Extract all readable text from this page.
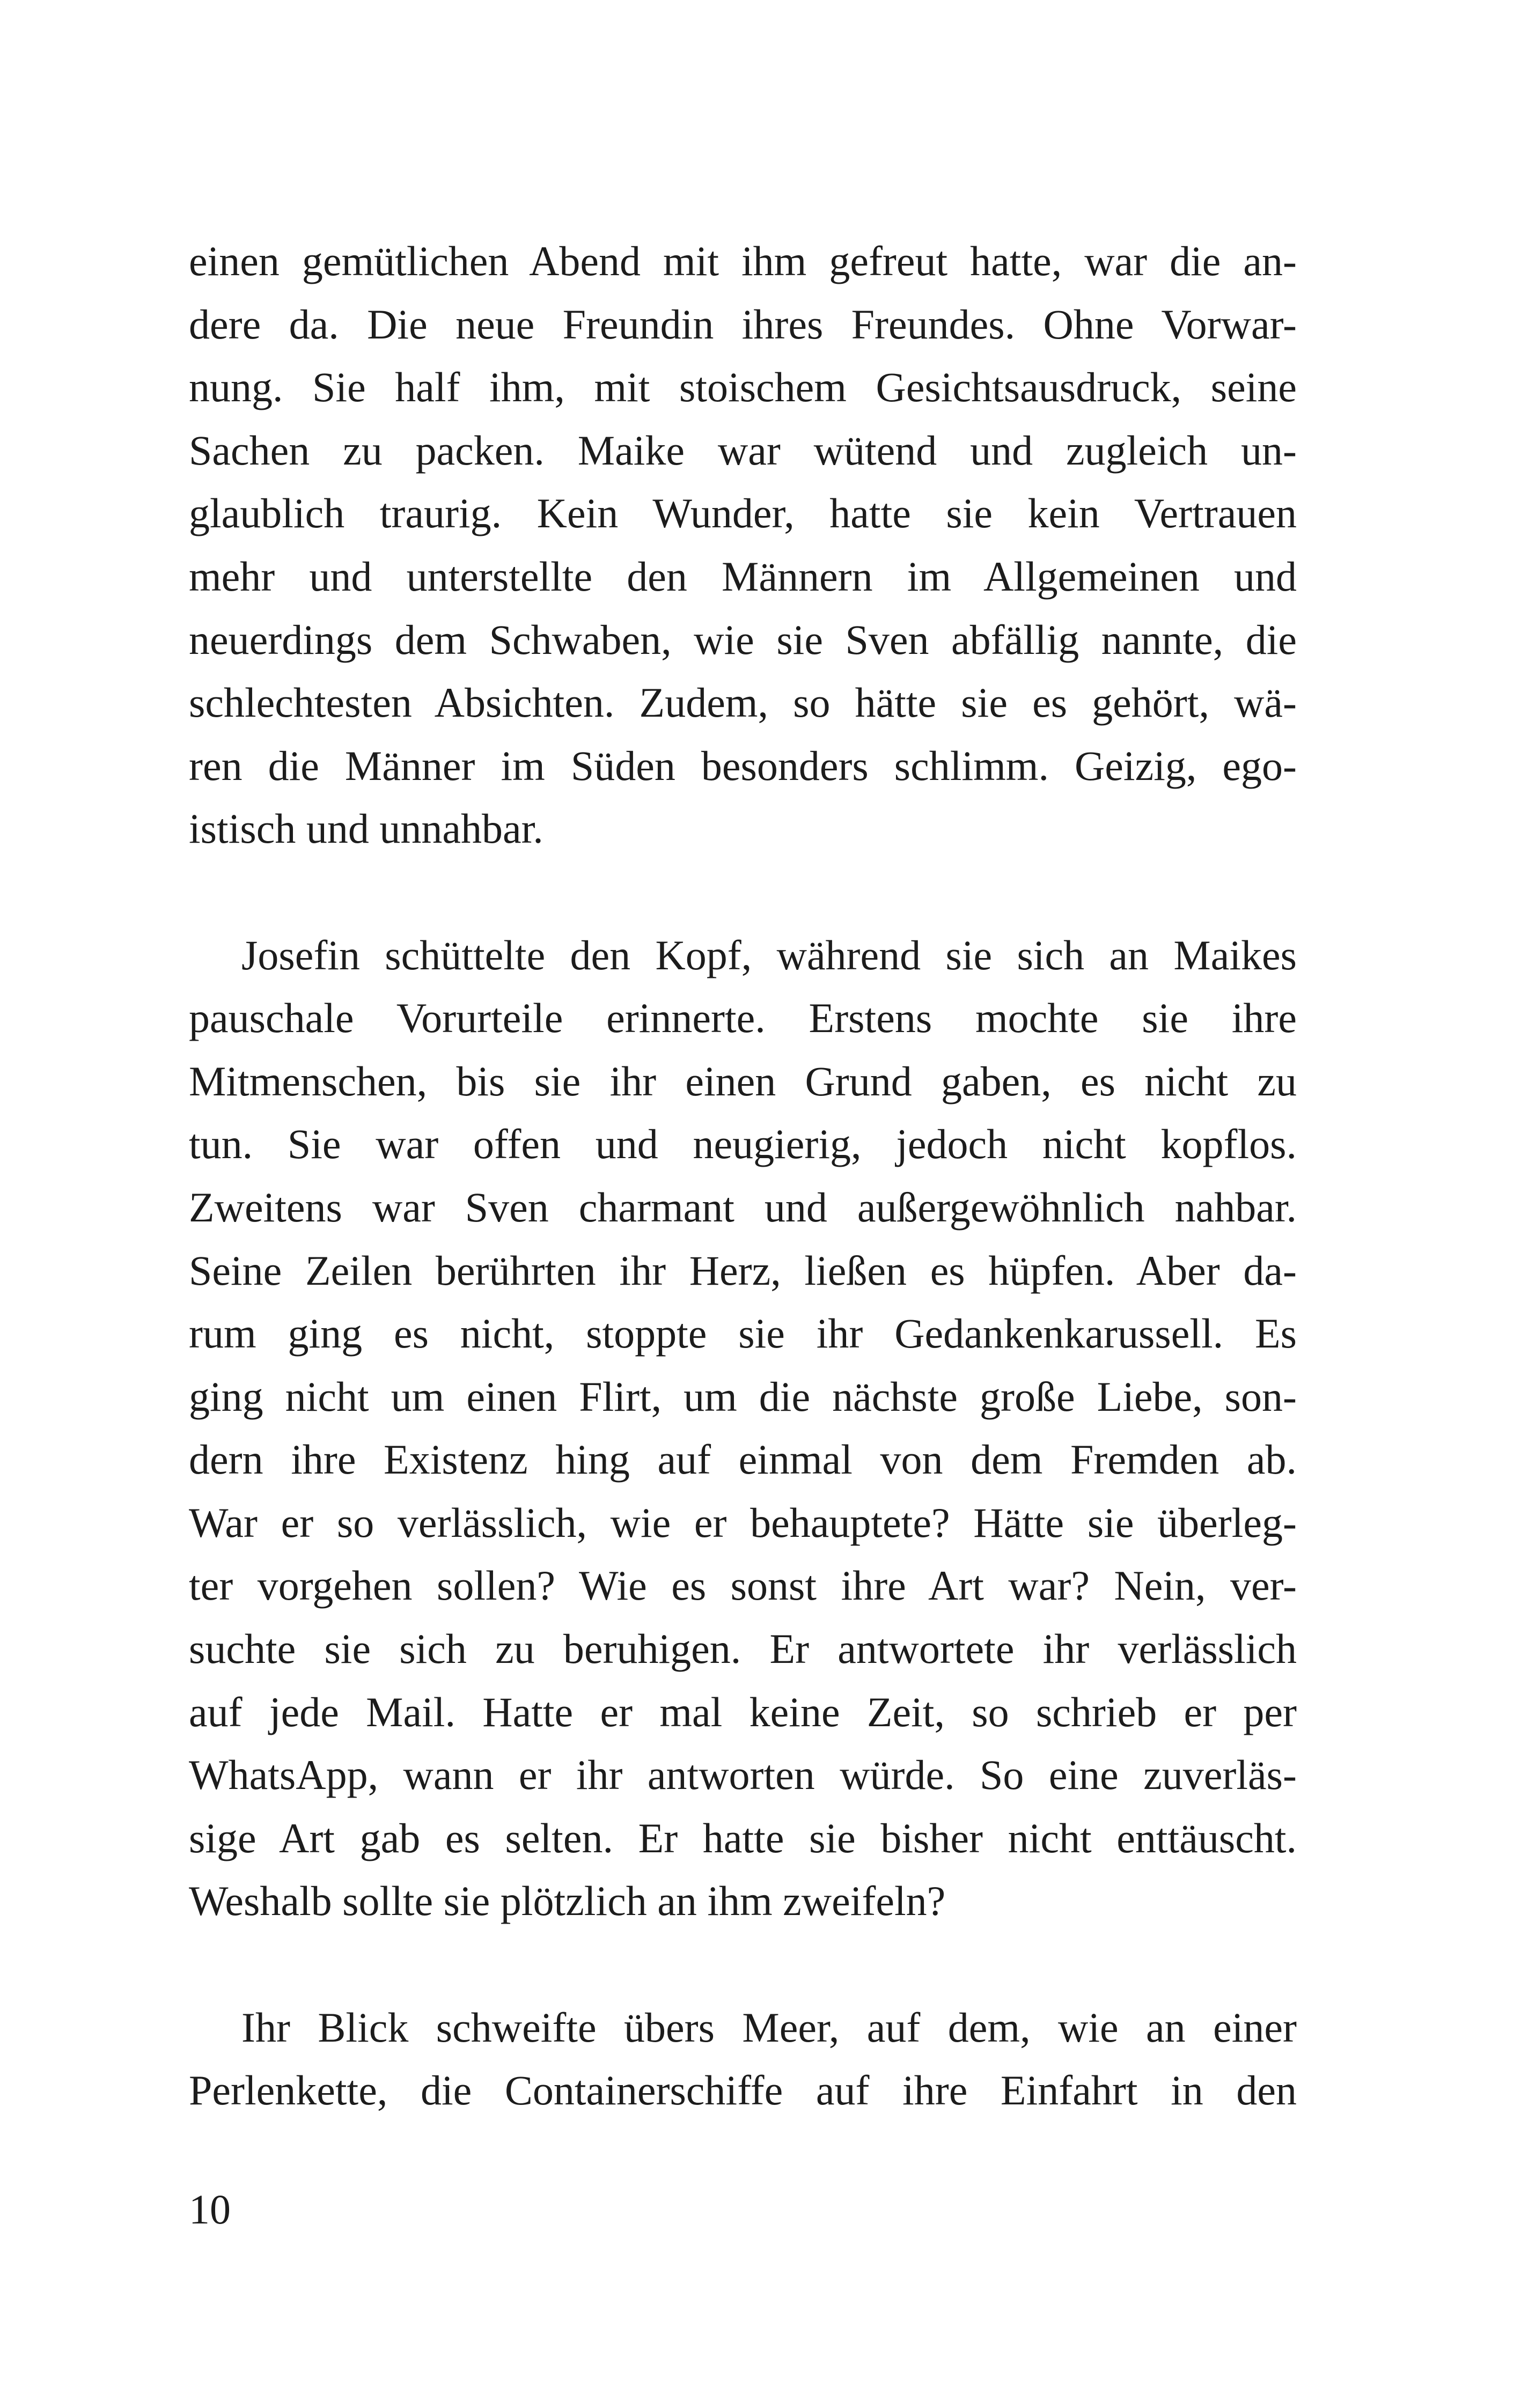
einen gemütlichen Abend mit ihm gefreut hatte, war die an-
dere da. Die neue Freundin ihres Freundes. Ohne Vorwar-
nung. Sie half ihm, mit stoischem Gesichtsausdruck, seine
Sachen zu packen. Maike war wütend und zugleich un-
glaublich traurig. Kein Wunder, hatte sie kein Vertrauen
mehr und unterstellte den Männern im Allgemeinen und
neuerdings dem Schwaben, wie sie Sven abfällig nannte, die
schlechtesten Absichten. Zudem, so hätte sie es gehört, wä-
ren die Männer im Süden besonders schlimm. Geizig, ego-
istisch und unnahbar.
Josefin schüttelte den Kopf, während sie sich an Maikes
pauschale Vorurteile erinnerte. Erstens mochte sie ihre
Mitmenschen, bis sie ihr einen Grund gaben, es nicht zu
tun. Sie war offen und neugierig, jedoch nicht kopflos.
Zweitens war Sven charmant und außergewöhnlich nahbar.
Seine Zeilen berührten ihr Herz, ließen es hüpfen. Aber da-
rum ging es nicht, stoppte sie ihr Gedankenkarussell. Es
ging nicht um einen Flirt, um die nächste große Liebe, son-
dern ihre Existenz hing auf einmal von dem Fremden ab.
War er so verlässlich, wie er behauptete? Hätte sie überleg-
ter vorgehen sollen? Wie es sonst ihre Art war? Nein, ver-
suchte sie sich zu beruhigen. Er antwortete ihr verlässlich
auf jede Mail. Hatte er mal keine Zeit, so schrieb er per
WhatsApp, wann er ihr antworten würde. So eine zuverläs-
sige Art gab es selten. Er hatte sie bisher nicht enttäuscht.
Weshalb sollte sie plötzlich an ihm zweifeln?
Ihr Blick schweifte übers Meer, auf dem, wie an einer
Perlenkette, die Containerschiffe auf ihre Einfahrt in den
10
